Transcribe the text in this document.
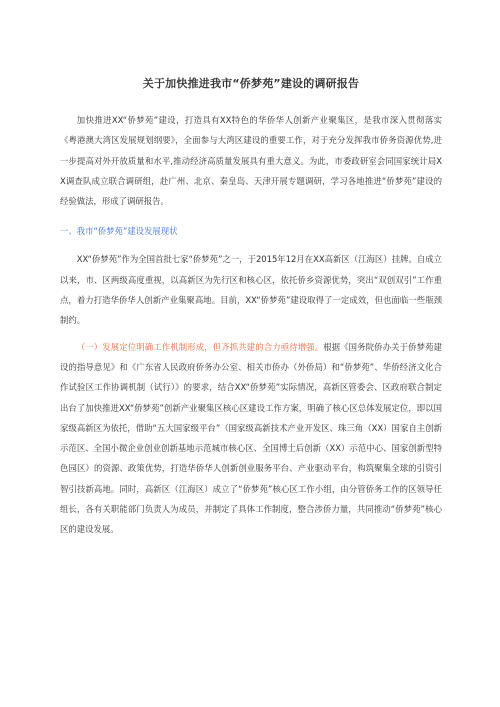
关于加快推进我市“侨梦苑”建设的调研报告

加快推进XX“侨梦苑”建设，打造具有XX特色的华侨华人创新产业聚集区，是我市深入贯彻落实《粤港澳大湾区发展规划纲要》，全面参与大湾区建设的重要工作，对于充分发挥我市侨务资源优势,进一步提高对外开放质量和水平,推动经济高质量发展具有重大意义。为此，市委政研室会同国家统计局XX调查队成立联合调研组，赴广州、北京、秦皇岛、天津开展专题调研，学习各地推进“侨梦苑”建设的经验做法，形成了调研报告。

一、我市“侨梦苑”建设发展现状

XX“侨梦苑”作为全国首批七家“侨梦苑”之一，于2015年12月在XX高新区（江海区）挂牌。自成立以来，市、区两级高度重视，以高新区为先行区和核心区，依托侨乡资源优势，突出“双创双引”工作重点，着力打造华侨华人创新产业集聚高地。目前，XX“侨梦苑”建设取得了一定成效，但也面临一些瓶颈制约。

（一）发展定位明确工作机制形成，但齐抓共建的合力亟待增强。根据《国务院侨办关于侨梦苑建设的指导意见》和《广东省人民政府侨务办公室、相关市侨办（外侨局）和“侨梦苑”、华侨经济文化合作试验区工作协调机制（试行）》的要求，结合XX“侨梦苑”实际情况，高新区管委会、区政府联合制定出台了加快推进XX“侨梦苑”创新产业聚集区核心区建设工作方案，明确了核心区总体发展定位，即以国家级高新区为依托，借助“五大国家级平台”（国家级高新技术产业开发区、珠三角（XX）国家自主创新示范区、全国小微企业创业创新基地示范城市核心区、全国博士后创新（XX）示范中心、国家创新型特色园区）的资源、政策优势，打造华侨华人创新创业服务平台、产业驱动平台，构筑聚集全球的引资引智引技新高地。同时，高新区（江海区）成立了“侨梦苑”核心区工作小组，由分管侨务工作的区领导任组长，各有关职能部门负责人为成员，并制定了具体工作制度，整合涉侨力量，共同推动“侨梦苑”核心区的建设发展。
